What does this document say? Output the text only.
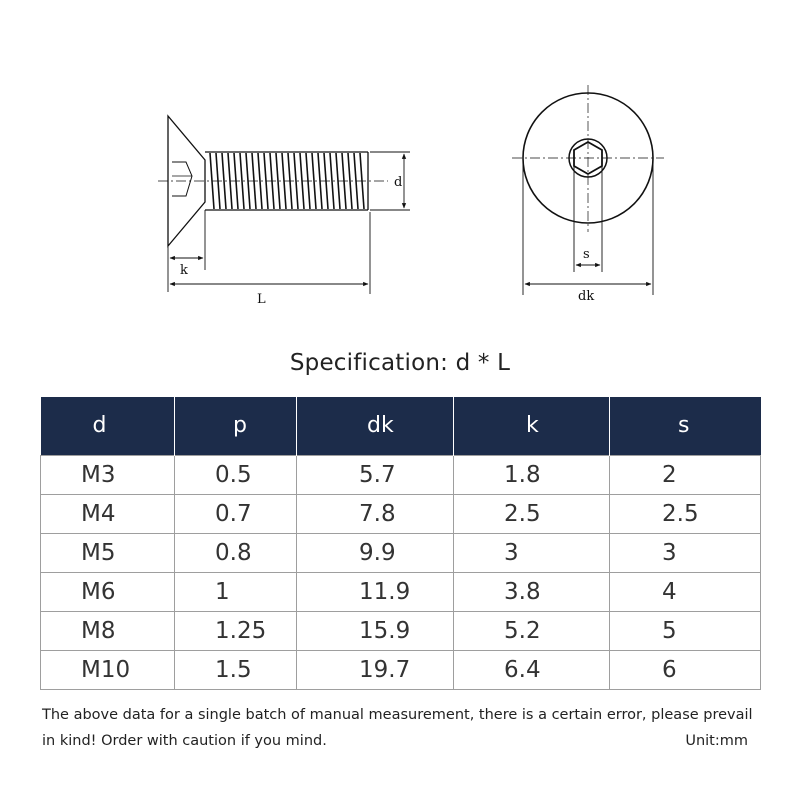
d
k
L
s
dk
Specification: d * L
d	p	dk	k	s
M3	0.5	5.7	1.8	2
M4	0.7	7.8	2.5	2.5
M5	0.8	9.9	3	3
M6	1	11.9	3.8	4
M8	1.25	15.9	5.2	5
M10	1.5	19.7	6.4	6
The above data for a single batch of manual measurement, there is a certain error, please prevail in kind! Order with caution if you mind.	Unit:mm
